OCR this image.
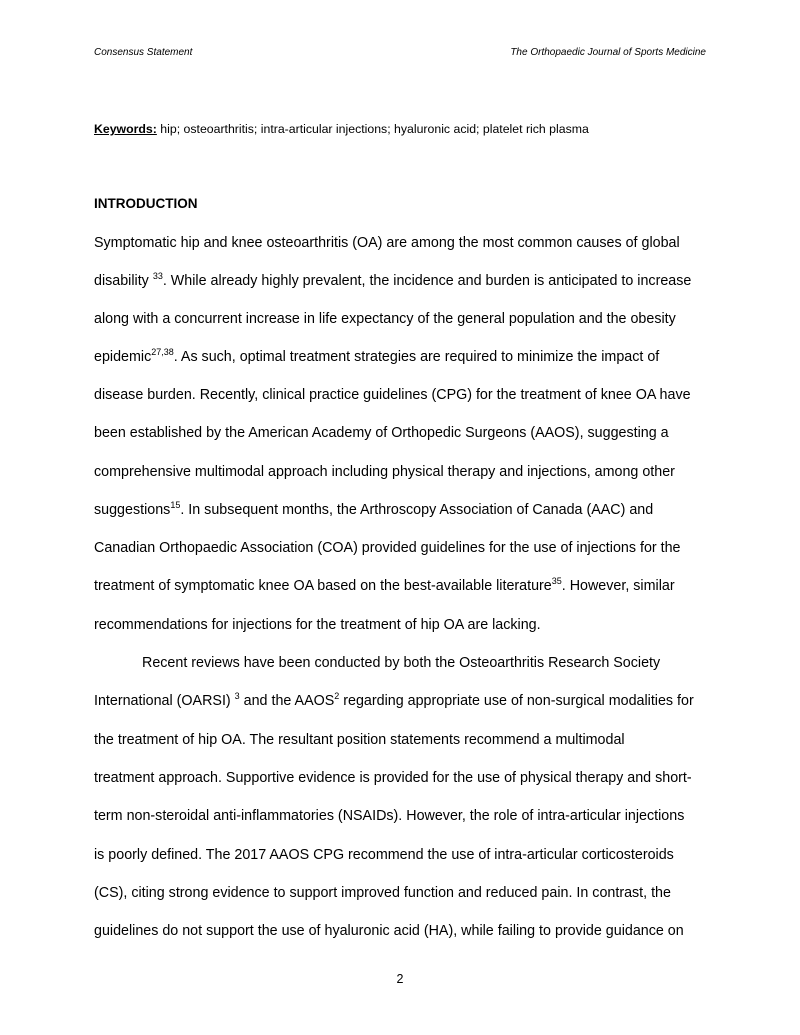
Consensus Statement	The Orthopaedic Journal of Sports Medicine
Keywords: hip; osteoarthritis; intra-articular injections; hyaluronic acid; platelet rich plasma
INTRODUCTION
Symptomatic hip and knee osteoarthritis (OA) are among the most common causes of global
disability $^{33}$. While already highly prevalent, the incidence and burden is anticipated to increase
along with a concurrent increase in life expectancy of the general population and the obesity
epidemic$^{27,38}$. As such, optimal treatment strategies are required to minimize the impact of
disease burden. Recently, clinical practice guidelines (CPG) for the treatment of knee OA have
been established by the American Academy of Orthopedic Surgeons (AAOS), suggesting a
comprehensive multimodal approach including physical therapy and injections, among other
suggestions$^{15}$. In subsequent months, the Arthroscopy Association of Canada (AAC) and
Canadian Orthopaedic Association (COA) provided guidelines for the use of injections for the
treatment of symptomatic knee OA based on the best-available literature$^{35}$. However, similar
recommendations for injections for the treatment of hip OA are lacking.
Recent reviews have been conducted by both the Osteoarthritis Research Society
International (OARSI) $^3$ and the AAOS$^2$ regarding appropriate use of non-surgical modalities for
the treatment of hip OA. The resultant position statements recommend a multimodal
treatment approach. Supportive evidence is provided for the use of physical therapy and short-
term non-steroidal anti-inflammatories (NSAIDs). However, the role of intra-articular injections
is poorly defined. The 2017 AAOS CPG recommend the use of intra-articular corticosteroids
(CS), citing strong evidence to support improved function and reduced pain. In contrast, the
guidelines do not support the use of hyaluronic acid (HA), while failing to provide guidance on
2
